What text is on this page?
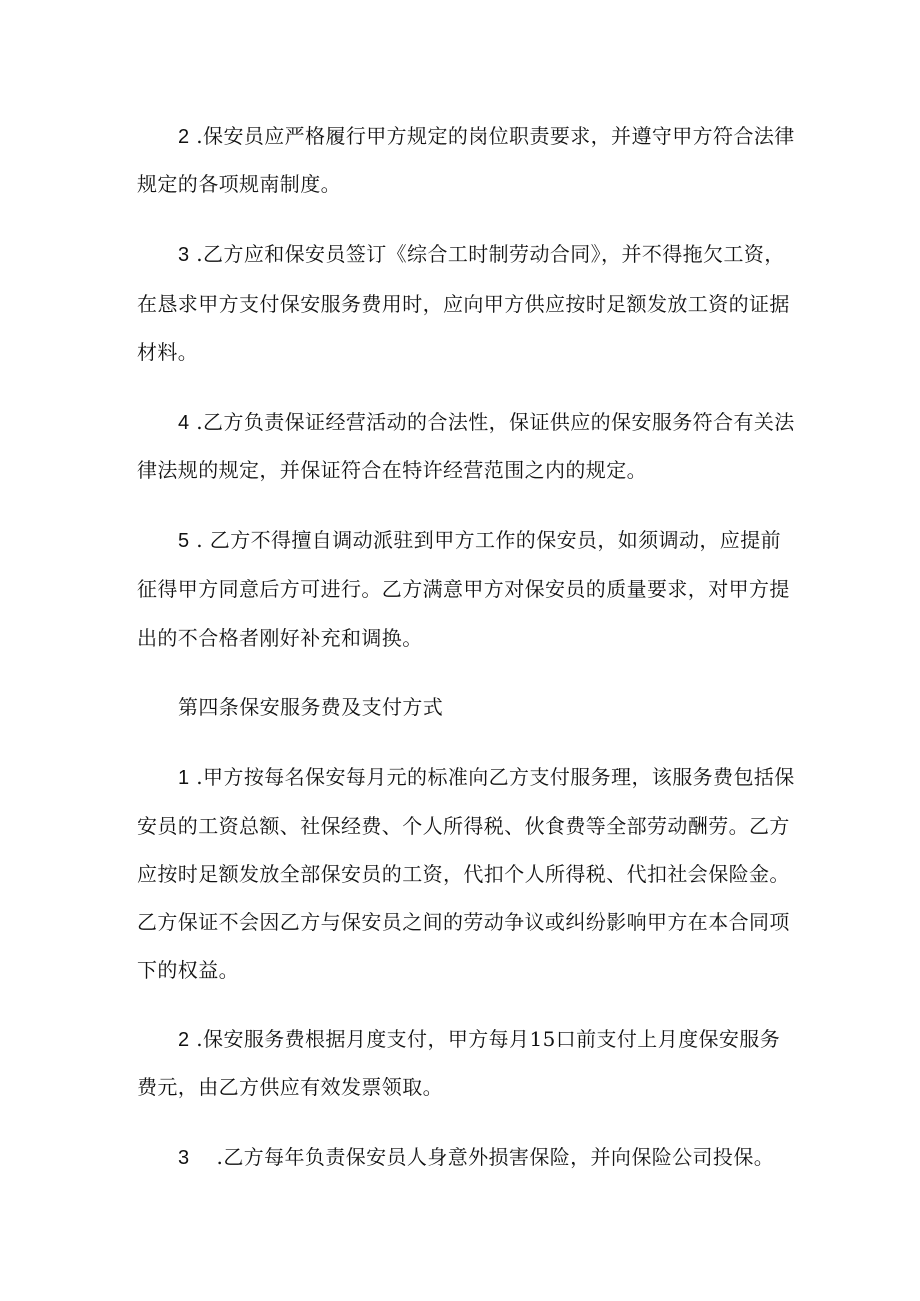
2 .保安员应严格履行甲方规定的岗位职责要求，并遵守甲方符合法律
规定的各项规南制度。
3 .乙方应和保安员签订《综合工时制劳动合同》，并不得拖欠工资，
在恳求甲方支付保安服务费用时，应向甲方供应按时足额发放工资的证据
材料。
4 .乙方负责保证经营活动的合法性，保证供应的保安服务符合有关法
律法规的规定，并保证符合在特许经营范围之内的规定。
5 . 乙方不得擅自调动派驻到甲方工作的保安员，如须调动，应提前
征得甲方同意后方可进行。乙方满意甲方对保安员的质量要求，对甲方提
出的不合格者刚好补充和调换。
第四条保安服务费及支付方式
1 .甲方按每名保安每月元的标准向乙方支付服务理，该服务费包括保
安员的工资总额、社保经费、个人所得税、伙食费等全部劳动酬劳。乙方
应按时足额发放全部保安员的工资，代扣个人所得税、代扣社会保险金。
乙方保证不会因乙方与保安员之间的劳动争议或纠纷影响甲方在本合同项
下的权益。
2 .保安服务费根据月度支付，甲方每月15口前支付上月度保安服务
费元，由乙方供应有效发票领取。
3    .乙方每年负责保安员人身意外损害保险，并向保险公司投保。
